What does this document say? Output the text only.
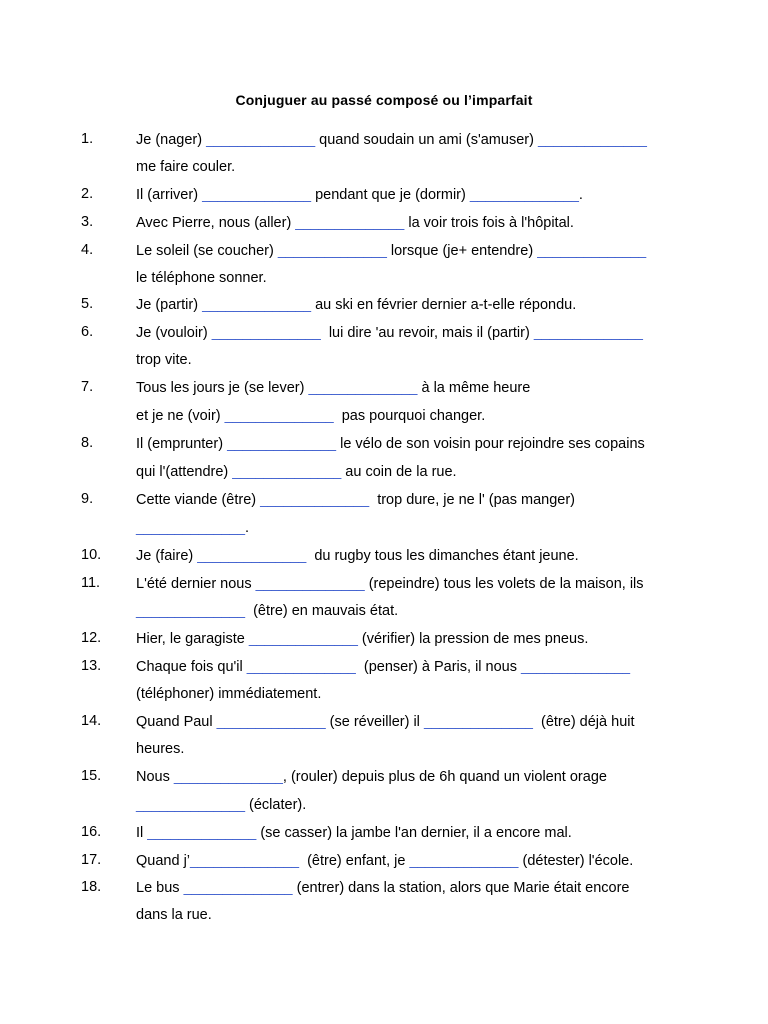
Conjuguer au passé composé ou l’imparfait
1.	Je (nager) ______________ quand soudain un ami (s'amuser) ______________
me faire couler.
2.	Il (arriver) ______________ pendant que je (dormir) ______________.
3.	Avec Pierre, nous (aller) ______________ la voir trois fois à l'hôpital.
4.	Le soleil (se coucher) ______________ lorsque (je+ entendre) ______________
le téléphone sonner.
5.	Je (partir) ______________ au ski en février dernier a-t-elle répondu.
6.	Je (vouloir) ______________  lui dire 'au revoir, mais il (partir) ______________
trop vite.
7.	Tous les jours je (se lever) ______________ à la même heure
et je ne (voir) ______________  pas pourquoi changer.
8.	Il (emprunter) ______________ le vélo de son voisin pour rejoindre ses copains
qui l'(attendre) ______________ au coin de la rue.
9.	Cette viande (être) ______________  trop dure, je ne l' (pas manger)
______________.
10. Je (faire) ______________  du rugby tous les dimanches étant jeune.
11. L'été dernier nous ______________ (repeindre) tous les volets de la maison, ils
______________  (être) en mauvais état.
12. Hier, le garagiste ______________ (vérifier) la pression de mes pneus.
13. Chaque fois qu'il ______________  (penser) à Paris, il nous ______________
(téléphoner) immédiatement.
14. Quand Paul ______________ (se réveiller) il ______________  (être) déjà huit
heures.
15. Nous ______________, (rouler) depuis plus de 6h quand un violent orage
______________ (éclater).
16. Il ______________ (se casser) la jambe l'an dernier, il a encore mal.
17. Quand j’______________  (être) enfant, je ______________ (détester) l'école.
18. Le bus ______________ (entrer) dans la station, alors que Marie était encore
dans la rue.
